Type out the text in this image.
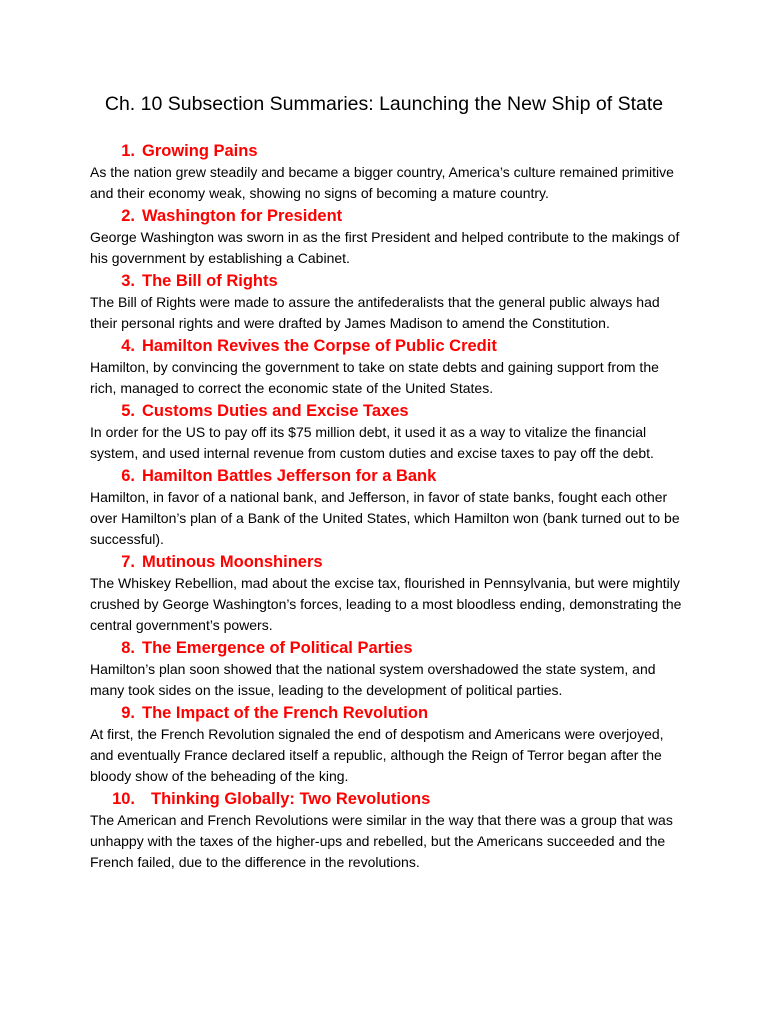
Ch. 10 Subsection Summaries: Launching the New Ship of State
1. Growing Pains
As the nation grew steadily and became a bigger country, America’s culture remained primitive and their economy weak, showing no signs of becoming a mature country.
2. Washington for President
George Washington was sworn in as the first President and helped contribute to the makings of his government by establishing a Cabinet.
3. The Bill of Rights
The Bill of Rights were made to assure the antifederalists that the general public always had their personal rights and were drafted by James Madison to amend the Constitution.
4. Hamilton Revives the Corpse of Public Credit
Hamilton, by convincing the government to take on state debts and gaining support from the rich, managed to correct the economic state of the United States.
5. Customs Duties and Excise Taxes
In order for the US to pay off its $75 million debt, it used it as a way to vitalize the financial system, and used internal revenue from custom duties and excise taxes to pay off the debt.
6. Hamilton Battles Jefferson for a Bank
Hamilton, in favor of a national bank, and Jefferson, in favor of state banks, fought each other over Hamilton’s plan of a Bank of the United States, which Hamilton won (bank turned out to be successful).
7. Mutinous Moonshiners
The Whiskey Rebellion, mad about the excise tax, flourished in Pennsylvania, but were mightily crushed by George Washington’s forces, leading to a most bloodless ending, demonstrating the central government’s powers.
8. The Emergence of Political Parties
Hamilton’s plan soon showed that the national system overshadowed the state system, and many took sides on the issue, leading to the development of political parties.
9. The Impact of the French Revolution
At first, the French Revolution signaled the end of despotism and Americans were overjoyed, and eventually France declared itself a republic, although the Reign of Terror began after the bloody show of the beheading of the king.
10. Thinking Globally: Two Revolutions
The American and French Revolutions were similar in the way that there was a group that was unhappy with the taxes of the higher-ups and rebelled, but the Americans succeeded and the French failed, due to the difference in the revolutions.
